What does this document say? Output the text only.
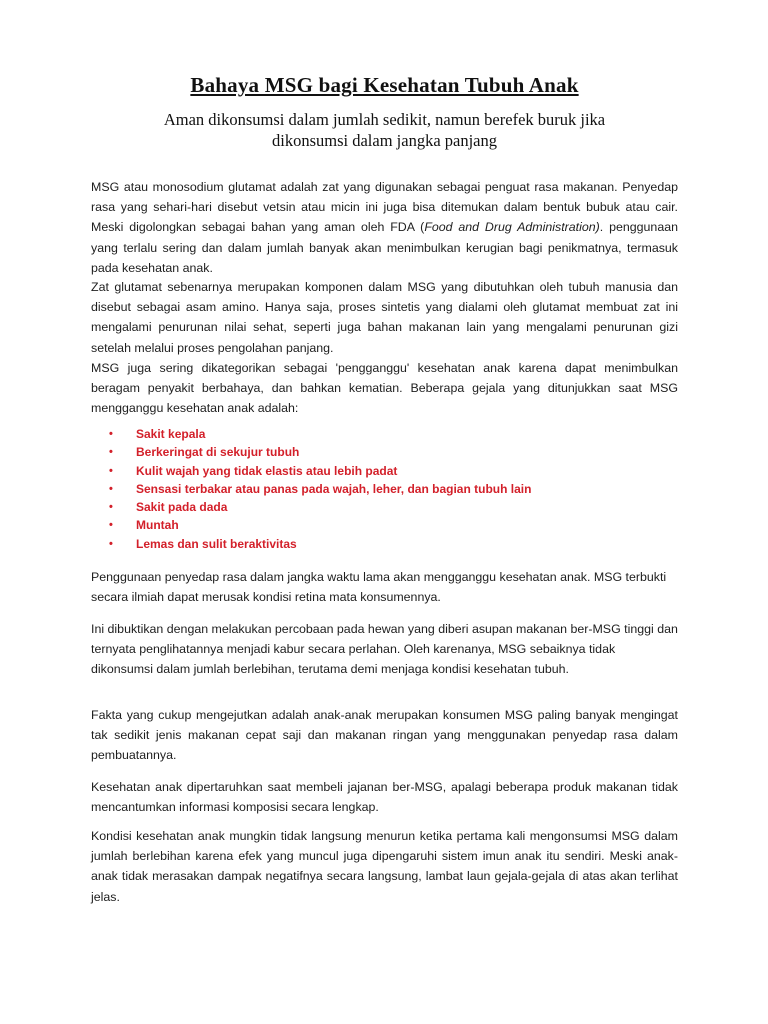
Bahaya MSG bagi Kesehatan Tubuh Anak
Aman dikonsumsi dalam jumlah sedikit, namun berefek buruk jika
dikonsumsi dalam jangka panjang

MSG atau monosodium glutamat adalah zat yang digunakan sebagai penguat rasa makanan. Penyedap rasa yang sehari-hari disebut vetsin atau micin ini juga bisa ditemukan dalam bentuk bubuk atau cair. Meski digolongkan sebagai bahan yang aman oleh FDA (Food and Drug Administration). penggunaan yang terlalu sering dan dalam jumlah banyak akan menimbulkan kerugian bagi penikmatnya, termasuk pada kesehatan anak.

Zat glutamat sebenarnya merupakan komponen dalam MSG yang dibutuhkan oleh tubuh manusia dan disebut sebagai asam amino. Hanya saja, proses sintetis yang dialami oleh glutamat membuat zat ini mengalami penurunan nilai sehat, seperti juga bahan makanan lain yang mengalami penurunan gizi setelah melalui proses pengolahan panjang.

MSG juga sering dikategorikan sebagai 'pengganggu' kesehatan anak karena dapat menimbulkan beragam penyakit berbahaya, dan bahkan kematian. Beberapa gejala yang ditunjukkan saat MSG mengganggu kesehatan anak adalah:

• Sakit kepala
• Berkeringat di sekujur tubuh
• Kulit wajah yang tidak elastis atau lebih padat
• Sensasi terbakar atau panas pada wajah, leher, dan bagian tubuh lain
• Sakit pada dada
• Muntah
• Lemas dan sulit beraktivitas

Penggunaan penyedap rasa dalam jangka waktu lama akan mengganggu kesehatan anak. MSG terbukti secara ilmiah dapat merusak kondisi retina mata konsumennya.

Ini dibuktikan dengan melakukan percobaan pada hewan yang diberi asupan makanan ber-MSG tinggi dan ternyata penglihatannya menjadi kabur secara perlahan. Oleh karenanya, MSG sebaiknya tidak dikonsumsi dalam jumlah berlebihan, terutama demi menjaga kondisi kesehatan tubuh.

Fakta yang cukup mengejutkan adalah anak-anak merupakan konsumen MSG paling banyak mengingat tak sedikit jenis makanan cepat saji dan makanan ringan yang menggunakan penyedap rasa dalam pembuatannya.

Kesehatan anak dipertaruhkan saat membeli jajanan ber-MSG, apalagi beberapa produk makanan tidak mencantumkan informasi komposisi secara lengkap.

Kondisi kesehatan anak mungkin tidak langsung menurun ketika pertama kali mengonsumsi MSG dalam jumlah berlebihan karena efek yang muncul juga dipengaruhi sistem imun anak itu sendiri. Meski anak-anak tidak merasakan dampak negatifnya secara langsung, lambat laun gejala-gejala di atas akan terlihat jelas.
